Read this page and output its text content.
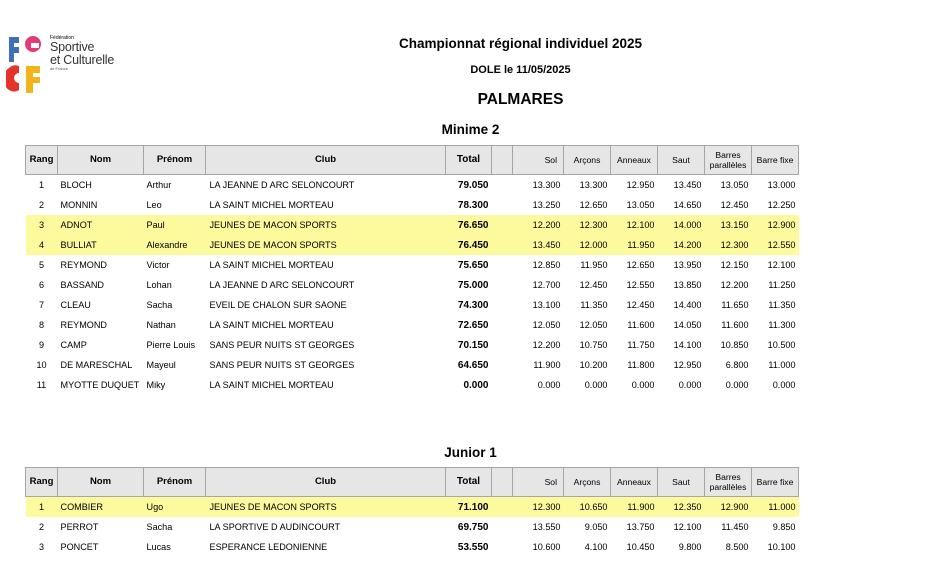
Fédération
Sportive
et Culturelle
de France
Championnat régional individuel 2025
DOLE le 11/05/2025
PALMARES
Minime 2
Rang	Nom	Prénom	Club	Total		Sol	Arçons	Anneaux	Saut	Barres parallèles	Barre fixe
1	BLOCH	Arthur	LA JEANNE D ARC SELONCOURT	79.050		13.300	13.300	12.950	13.450	13.050	13.000
2	MONNIN	Leo	LA SAINT MICHEL MORTEAU	78.300		13.250	12.650	13.050	14.650	12.450	12.250
3	ADNOT	Paul	JEUNES DE MACON SPORTS	76.650		12.200	12.300	12.100	14.000	13.150	12.900
4	BULLIAT	Alexandre	JEUNES DE MACON SPORTS	76.450		13.450	12.000	11.950	14.200	12.300	12.550
5	REYMOND	Victor	LA SAINT MICHEL MORTEAU	75.650		12.850	11.950	12.650	13.950	12.150	12.100
6	BASSAND	Lohan	LA JEANNE D ARC SELONCOURT	75.000		12.700	12.450	12.550	13.850	12.200	11.250
7	CLEAU	Sacha	EVEIL DE CHALON SUR SAONE	74.300		13.100	11.350	12.450	14.400	11.650	11.350
8	REYMOND	Nathan	LA SAINT MICHEL MORTEAU	72.650		12.050	12.050	11.600	14.050	11.600	11.300
9	CAMP	Pierre Louis	SANS PEUR NUITS ST GEORGES	70.150		12.200	10.750	11.750	14.100	10.850	10.500
10	DE MARESCHAL	Mayeul	SANS PEUR NUITS ST GEORGES	64.650		11.900	10.200	11.800	12.950	6.800	11.000
11	MYOTTE DUQUET	Miky	LA SAINT MICHEL MORTEAU	0.000		0.000	0.000	0.000	0.000	0.000	0.000
Junior 1
Rang	Nom	Prénom	Club	Total		Sol	Arçons	Anneaux	Saut	Barres parallèles	Barre fixe
1	COMBIER	Ugo	JEUNES DE MACON SPORTS	71.100		12.300	10.650	11.900	12.350	12.900	11.000
2	PERROT	Sacha	LA SPORTIVE D AUDINCOURT	69.750		13.550	9.050	13.750	12.100	11.450	9.850
3	PONCET	Lucas	ESPERANCE LEDONIENNE	53.550		10.600	4.100	10.450	9.800	8.500	10.100
